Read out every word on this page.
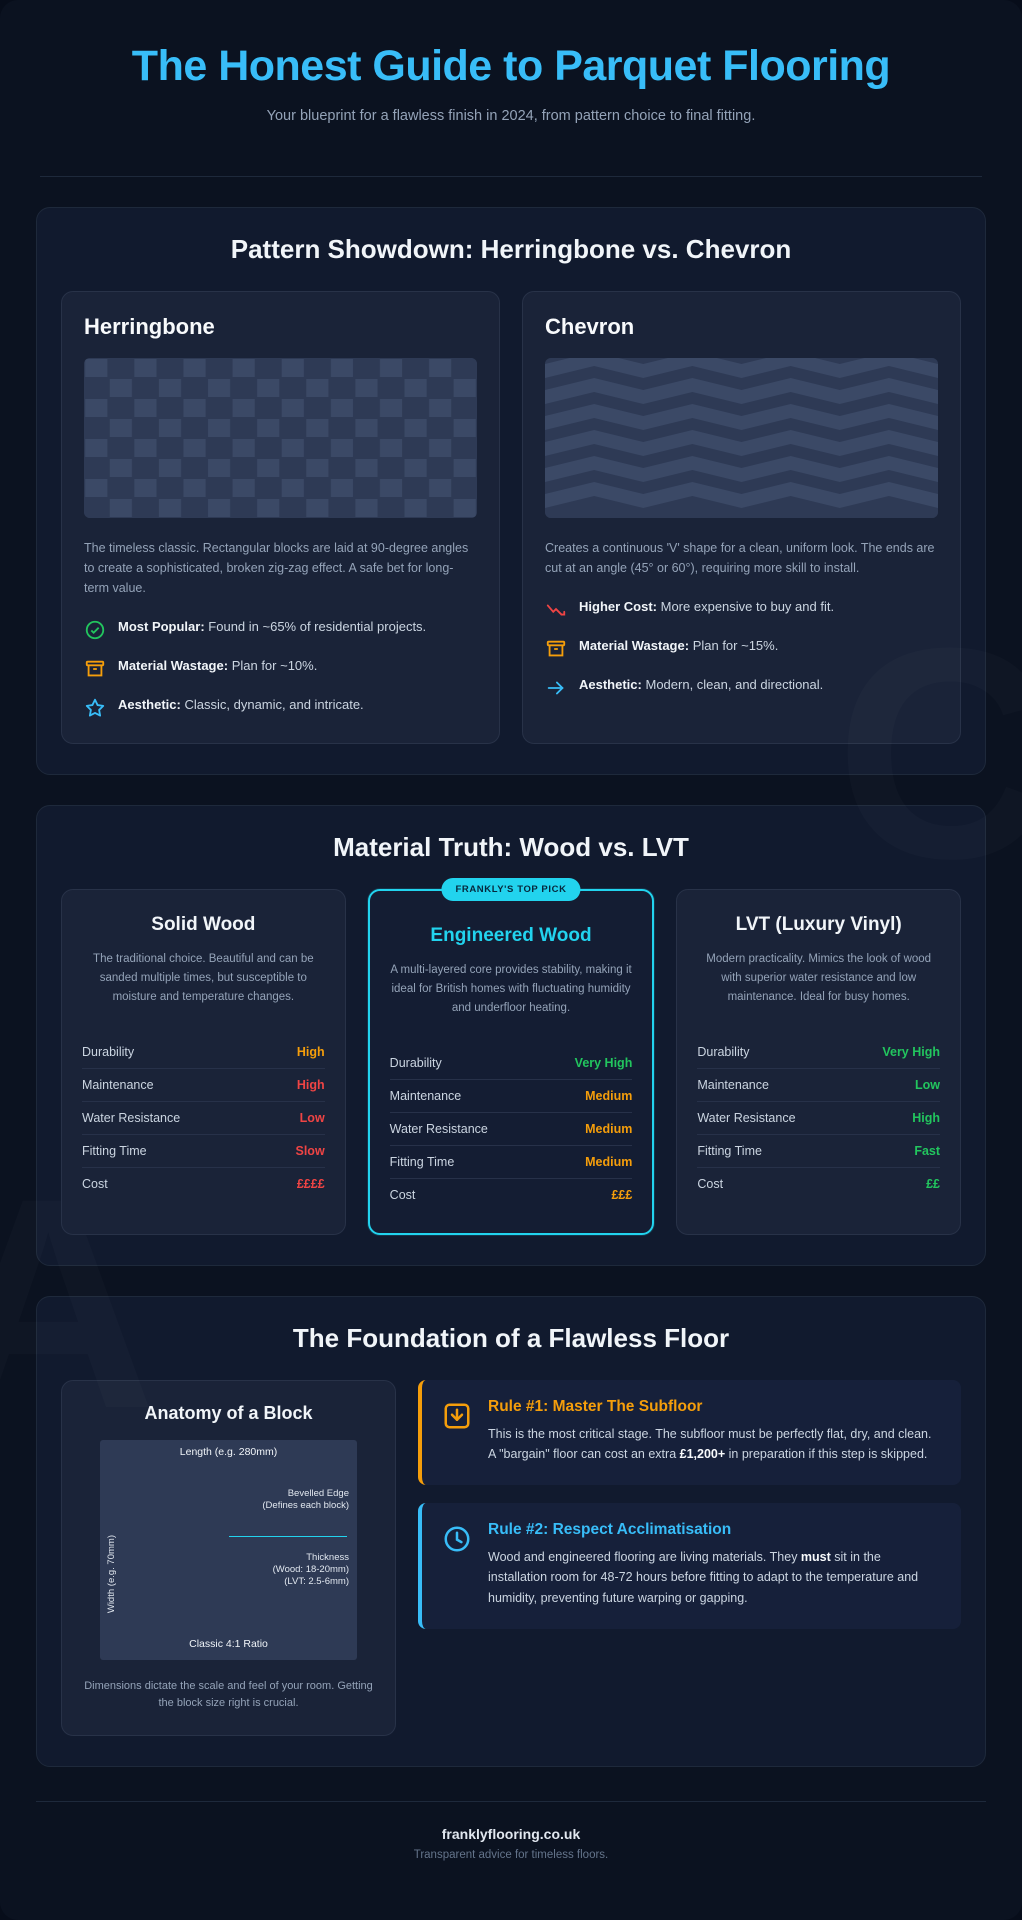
The Honest Guide to Parquet Flooring
Your blueprint for a flawless finish in 2024, from pattern choice to final fitting.
Pattern Showdown: Herringbone vs. Chevron
Herringbone

The timeless classic. Rectangular blocks are laid at 90-degree angles to create a sophisticated, broken zig-zag effect. A safe bet for long-term value.

Most Popular: Found in ~65% of residential projects.
Material Wastage: Plan for ~10%.
Aesthetic: Classic, dynamic, and intricate.
Chevron

Creates a continuous 'V' shape for a clean, uniform look. The ends are cut at an angle (45° or 60°), requiring more skill to install.

Higher Cost: More expensive to buy and fit.
Material Wastage: Plan for ~15%.
Aesthetic: Modern, clean, and directional.
Material Truth: Wood vs. LVT
Solid Wood

The traditional choice. Beautiful and can be sanded multiple times, but susceptible to moisture and temperature changes.

Durability	High
Maintenance	High
Water Resistance	Low
Fitting Time	Slow
Cost	££££
FRANKLY'S TOP PICK
Engineered Wood

A multi-layered core provides stability, making it ideal for British homes with fluctuating humidity and underfloor heating.

Durability	Very High
Maintenance	Medium
Water Resistance	Medium
Fitting Time	Medium
Cost	£££
LVT (Luxury Vinyl)

Modern practicality. Mimics the look of wood with superior water resistance and low maintenance. Ideal for busy homes.

Durability	Very High
Maintenance	Low
Water Resistance	High
Fitting Time	Fast
Cost	££
The Foundation of a Flawless Floor
Anatomy of a Block
Length (e.g. 280mm)
Bevelled Edge
(Defines each block)
Thickness
(Wood: 18-20mm)
(LVT: 2.5-6mm)
Width (e.g. 70mm)
Classic 4:1 Ratio

Dimensions dictate the scale and feel of your room. Getting the block size right is crucial.

Rule #1: Master The Subfloor

This is the most critical stage. The subfloor must be perfectly flat, dry, and clean. A "bargain" floor can cost an extra £1,200+ in preparation if this step is skipped.

Rule #2: Respect Acclimatisation

Wood and engineered flooring are living materials. They must sit in the installation room for 48-72 hours before fitting to adapt to the temperature and humidity, preventing future warping or gapping.

franklyflooring.co.uk
Transparent advice for timeless floors.
